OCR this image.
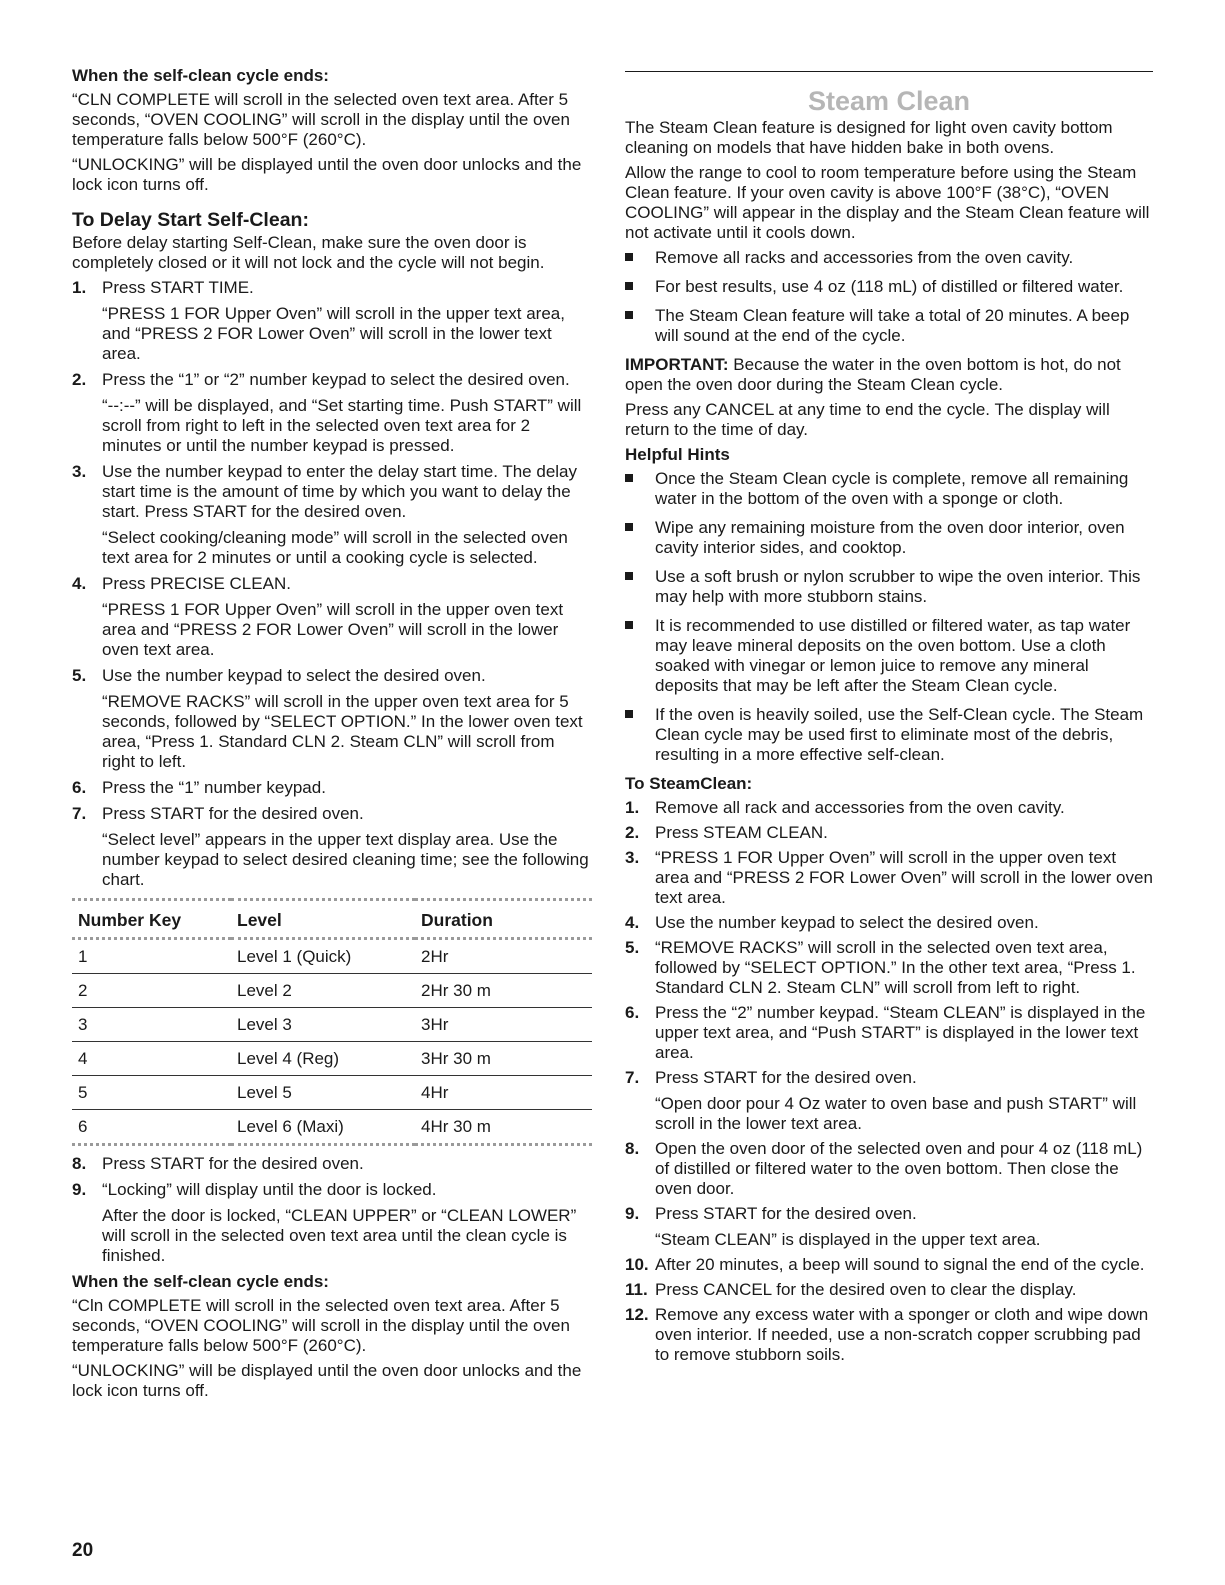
When the self-clean cycle ends:

“CLN COMPLETE will scroll in the selected oven text area. After 5 seconds, “OVEN COOLING” will scroll in the display until the oven temperature falls below 500°F (260°C).

“UNLOCKING” will be displayed until the oven door unlocks and the lock icon turns off.

To Delay Start Self-Clean:

Before delay starting Self-Clean, make sure the oven door is completely closed or it will not lock and the cycle will not begin.

1. Press START TIME.
“PRESS 1 FOR Upper Oven” will scroll in the upper text area, and “PRESS 2 FOR Lower Oven” will scroll in the lower text area.
2. Press the “1” or “2” number keypad to select the desired oven.
“--:--” will be displayed, and “Set starting time. Push START” will scroll from right to left in the selected oven text area for 2 minutes or until the number keypad is pressed.
3. Use the number keypad to enter the delay start time. The delay start time is the amount of time by which you want to delay the start. Press START for the desired oven.
“Select cooking/cleaning mode” will scroll in the selected oven text area for 2 minutes or until a cooking cycle is selected.
4. Press PRECISE CLEAN.
“PRESS 1 FOR Upper Oven” will scroll in the upper oven text area and “PRESS 2 FOR Lower Oven” will scroll in the lower oven text area.
5. Use the number keypad to select the desired oven.
“REMOVE RACKS” will scroll in the upper oven text area for 5 seconds, followed by “SELECT OPTION.” In the lower oven text area, “Press 1. Standard CLN 2. Steam CLN” will scroll from right to left.
6. Press the “1” number keypad.
7. Press START for the desired oven.
“Select level” appears in the upper text display area. Use the number keypad to select desired cleaning time; see the following chart.
Number Key	Level	Duration
1	Level 1 (Quick)	2Hr
2	Level 2	2Hr 30 m
3	Level 3	3Hr
4	Level 4 (Reg)	3Hr 30 m
5	Level 5	4Hr
6	Level 6 (Maxi)	4Hr 30 m
8. Press START for the desired oven.
9. “Locking” will display until the door is locked.
After the door is locked, “CLEAN UPPER” or “CLEAN LOWER” will scroll in the selected oven text area until the clean cycle is finished.
When the self-clean cycle ends:

“Cln COMPLETE will scroll in the selected oven text area. After 5 seconds, “OVEN COOLING” will scroll in the display until the oven temperature falls below 500°F (260°C).

“UNLOCKING” will be displayed until the oven door unlocks and the lock icon turns off.

Steam Clean

The Steam Clean feature is designed for light oven cavity bottom cleaning on models that have hidden bake in both ovens.

Allow the range to cool to room temperature before using the Steam Clean feature. If your oven cavity is above 100°F (38°C), “OVEN COOLING” will appear in the display and the Steam Clean feature will not activate until it cools down.

Remove all racks and accessories from the oven cavity.
For best results, use 4 oz (118 mL) of distilled or filtered water.
The Steam Clean feature will take a total of 20 minutes. A beep will sound at the end of the cycle.

IMPORTANT: Because the water in the oven bottom is hot, do not open the oven door during the Steam Clean cycle.

Press any CANCEL at any time to end the cycle. The display will return to the time of day.

Helpful Hints
Once the Steam Clean cycle is complete, remove all remaining water in the bottom of the oven with a sponge or cloth.
Wipe any remaining moisture from the oven door interior, oven cavity interior sides, and cooktop.
Use a soft brush or nylon scrubber to wipe the oven interior. This may help with more stubborn stains.
It is recommended to use distilled or filtered water, as tap water may leave mineral deposits on the oven bottom. Use a cloth soaked with vinegar or lemon juice to remove any mineral deposits that may be left after the Steam Clean cycle.
If the oven is heavily soiled, use the Self-Clean cycle. The Steam Clean cycle may be used first to eliminate most of the debris, resulting in a more effective self-clean.
To SteamClean:
1. Remove all rack and accessories from the oven cavity.
2. Press STEAM CLEAN.
3. “PRESS 1 FOR Upper Oven” will scroll in the upper oven text area and “PRESS 2 FOR Lower Oven” will scroll in the lower oven text area.
4. Use the number keypad to select the desired oven.
5. “REMOVE RACKS” will scroll in the selected oven text area, followed by “SELECT OPTION.” In the other text area, “Press 1. Standard CLN 2. Steam CLN” will scroll from left to right.
6. Press the “2” number keypad. “Steam CLEAN” is displayed in the upper text area, and “Push START” is displayed in the lower text area.
7. Press START for the desired oven.
“Open door pour 4 Oz water to oven base and push START” will scroll in the lower text area.
8. Open the oven door of the selected oven and pour 4 oz (118 mL) of distilled or filtered water to the oven bottom. Then close the oven door.
9. Press START for the desired oven.
“Steam CLEAN” is displayed in the upper text area.
10. After 20 minutes, a beep will sound to signal the end of the cycle.
11. Press CANCEL for the desired oven to clear the display.
12. Remove any excess water with a sponger or cloth and wipe down oven interior. If needed, use a non-scratch copper scrubbing pad to remove stubborn soils.
20
